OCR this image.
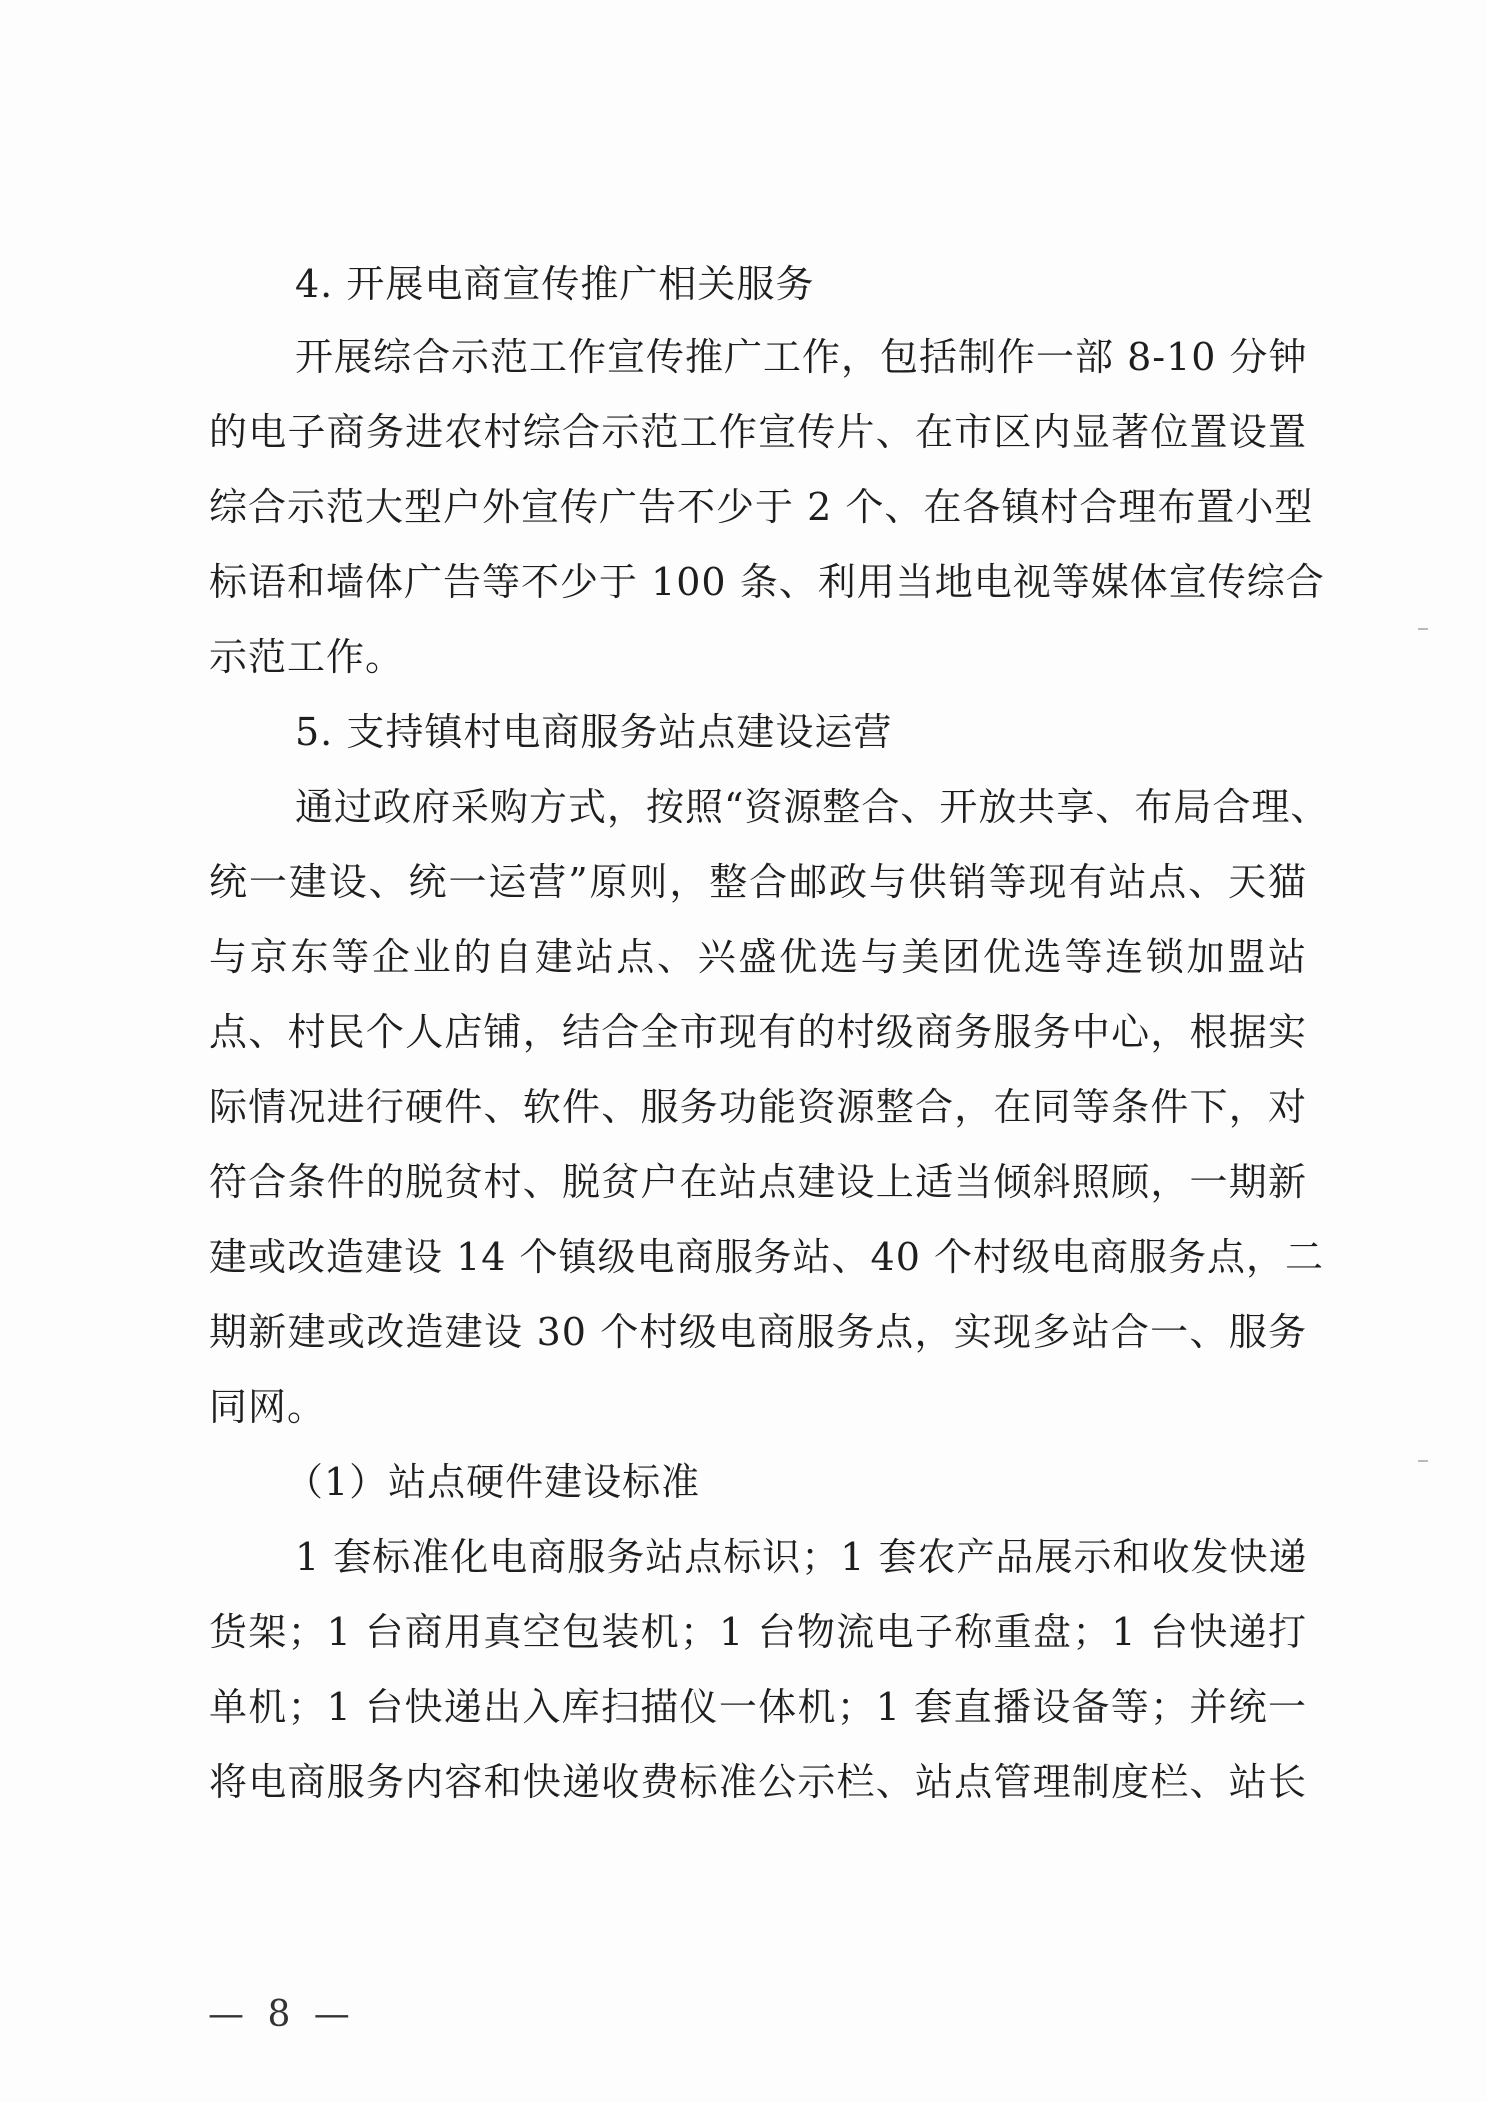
4. 开展电商宣传推广相关服务
开展综合示范工作宣传推广工作，包括制作一部 8-10 分钟
的电子商务进农村综合示范工作宣传片、在市区内显著位置设置
综合示范大型户外宣传广告不少于 2 个、在各镇村合理布置小型
标语和墙体广告等不少于 100 条、利用当地电视等媒体宣传综合
示范工作。
5. 支持镇村电商服务站点建设运营
通过政府采购方式，按照“资源整合、开放共享、布局合理、
统一建设、统一运营”原则，整合邮政与供销等现有站点、天猫
与京东等企业的自建站点、兴盛优选与美团优选等连锁加盟站
点、村民个人店铺，结合全市现有的村级商务服务中心，根据实
际情况进行硬件、软件、服务功能资源整合，在同等条件下，对
符合条件的脱贫村、脱贫户在站点建设上适当倾斜照顾，一期新
建或改造建设 14 个镇级电商服务站、40 个村级电商服务点，二
期新建或改造建设 30 个村级电商服务点，实现多站合一、服务
同网。
（1）站点硬件建设标准
1 套标准化电商服务站点标识；1 套农产品展示和收发快递
货架；1 台商用真空包装机；1 台物流电子称重盘；1 台快递打
单机；1 台快递出入库扫描仪一体机；1 套直播设备等；并统一
将电商服务内容和快递收费标准公示栏、站点管理制度栏、站长
— 8 —
